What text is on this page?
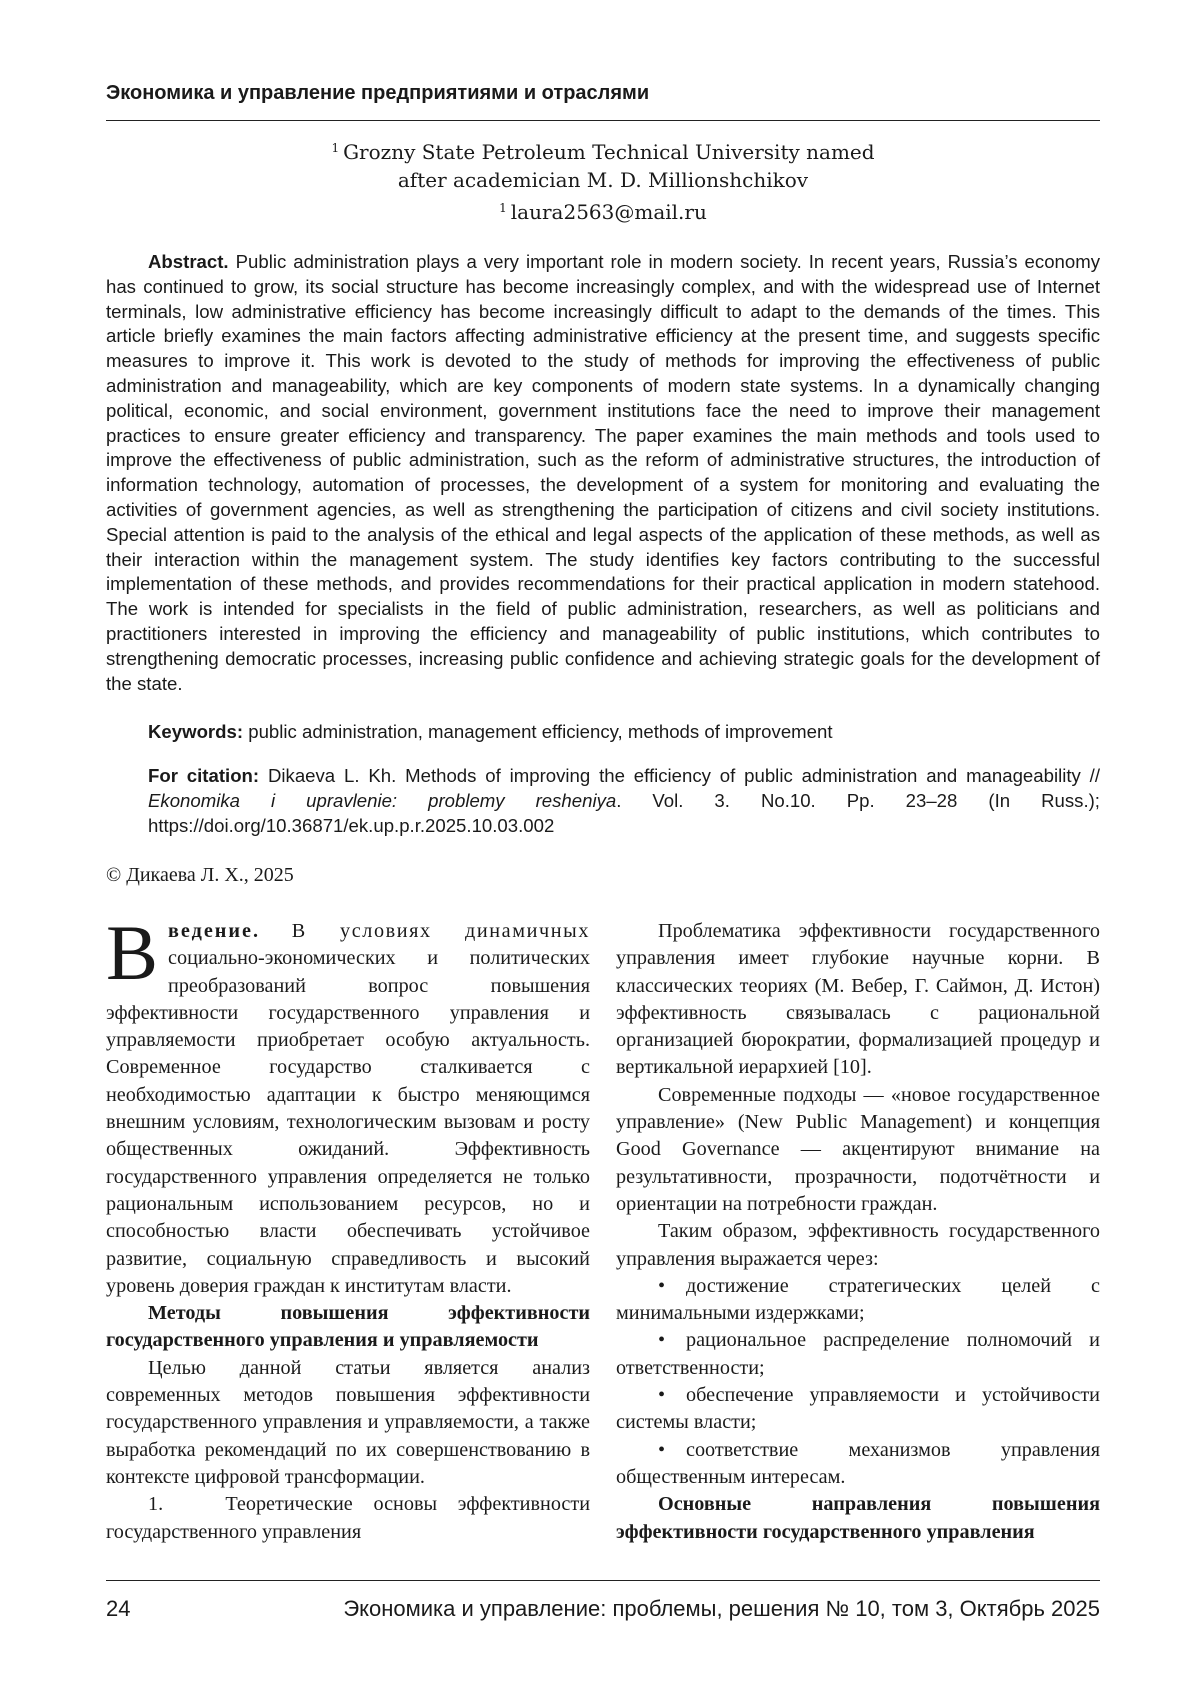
Экономика и управление предприятиями и отраслями
$^1$ Grozny State Petroleum Technical University named
after academician M. D. Millionshchikov
$^1$ laura2563@mail.ru
Abstract. Public administration plays a very important role in modern society. In recent years, Russia’s economy has continued to grow, its social structure has become increasingly complex, and with the widespread use of Internet terminals, low administrative efficiency has become increasingly difficult to adapt to the demands of the times. This article briefly examines the main factors affecting administrative efficiency at the present time, and suggests specific measures to improve it. This work is devoted to the study of methods for improving the effectiveness of public administration and manageability, which are key components of modern state systems. In a dynamically changing political, economic, and social environment, government institutions face the need to improve their management practices to ensure greater efficiency and transparency. The paper examines the main methods and tools used to improve the effectiveness of public administration, such as the reform of administrative structures, the introduction of information technology, automation of processes, the development of a system for monitoring and evaluating the activities of government agencies, as well as strengthening the participation of citizens and civil society institutions. Special attention is paid to the analysis of the ethical and legal aspects of the application of these methods, as well as their interaction within the management system. The study identifies key factors contributing to the successful implementation of these methods, and provides recommendations for their practical application in modern statehood. The work is intended for specialists in the field of public administration, researchers, as well as politicians and practitioners interested in improving the efficiency and manageability of public institutions, which contributes to strengthening democratic processes, increasing public confidence and achieving strategic goals for the development of the state.
Keywords: public administration, management efficiency, methods of improvement
For citation: Dikaeva L. Kh. Methods of improving the efficiency of public administration and manageability // Ekonomika i upravlenie: problemy resheniya. Vol. 3. No.10. Pp. 23–28 (In Russ.); https://doi.org/10.36871/ek.up.p.r.2025.10.03.002
© Дикаева Л. Х., 2025

В ведение. В условиях динамичных социально-экономических и политических преобразований вопрос повышения эффективности государственного управления и управляемости приобретает особую актуальность. Современное государство сталкивается с необходимостью адаптации к быстро меняющимся внешним условиям, технологическим вызовам и росту общественных ожиданий. Эффективность государственного управления определяется не только рациональным использованием ресурсов, но и способностью власти обеспечивать устойчивое развитие, социальную справедливость и высокий уровень доверия граждан к институтам власти.

Методы повышения эффективности государственного управления и управляемости

Целью данной статьи является анализ современных методов повышения эффективности государственного управления и управляемости, а также выработка рекомендаций по их совершенствованию в контексте цифровой трансформации.

1.	Теоретические основы эффективности государственного управления

Проблематика эффективности государственного управления имеет глубокие научные корни. В классических теориях (М. Вебер, Г. Саймон, Д. Истон) эффективность связывалась с рациональной организацией бюрократии, формализацией процедур и вертикальной иерархией [10].

Современные подходы — «новое государственное управление» (New Public Management) и концепция Good Governance — акцентируют внимание на результативности, прозрачности, подотчётности и ориентации на потребности граждан.

Таким образом, эффективность государственного управления выражается через:

• достижение стратегических целей с минимальными издержками;

• рациональное распределение полномочий и ответственности;

• обеспечение управляемости и устойчивости системы власти;

• соответствие механизмов управления общественным интересам.

Основные направления повышения эффективности государственного управления

24	Экономика и управление: проблемы, решения № 10, том 3, Октябрь 2025
